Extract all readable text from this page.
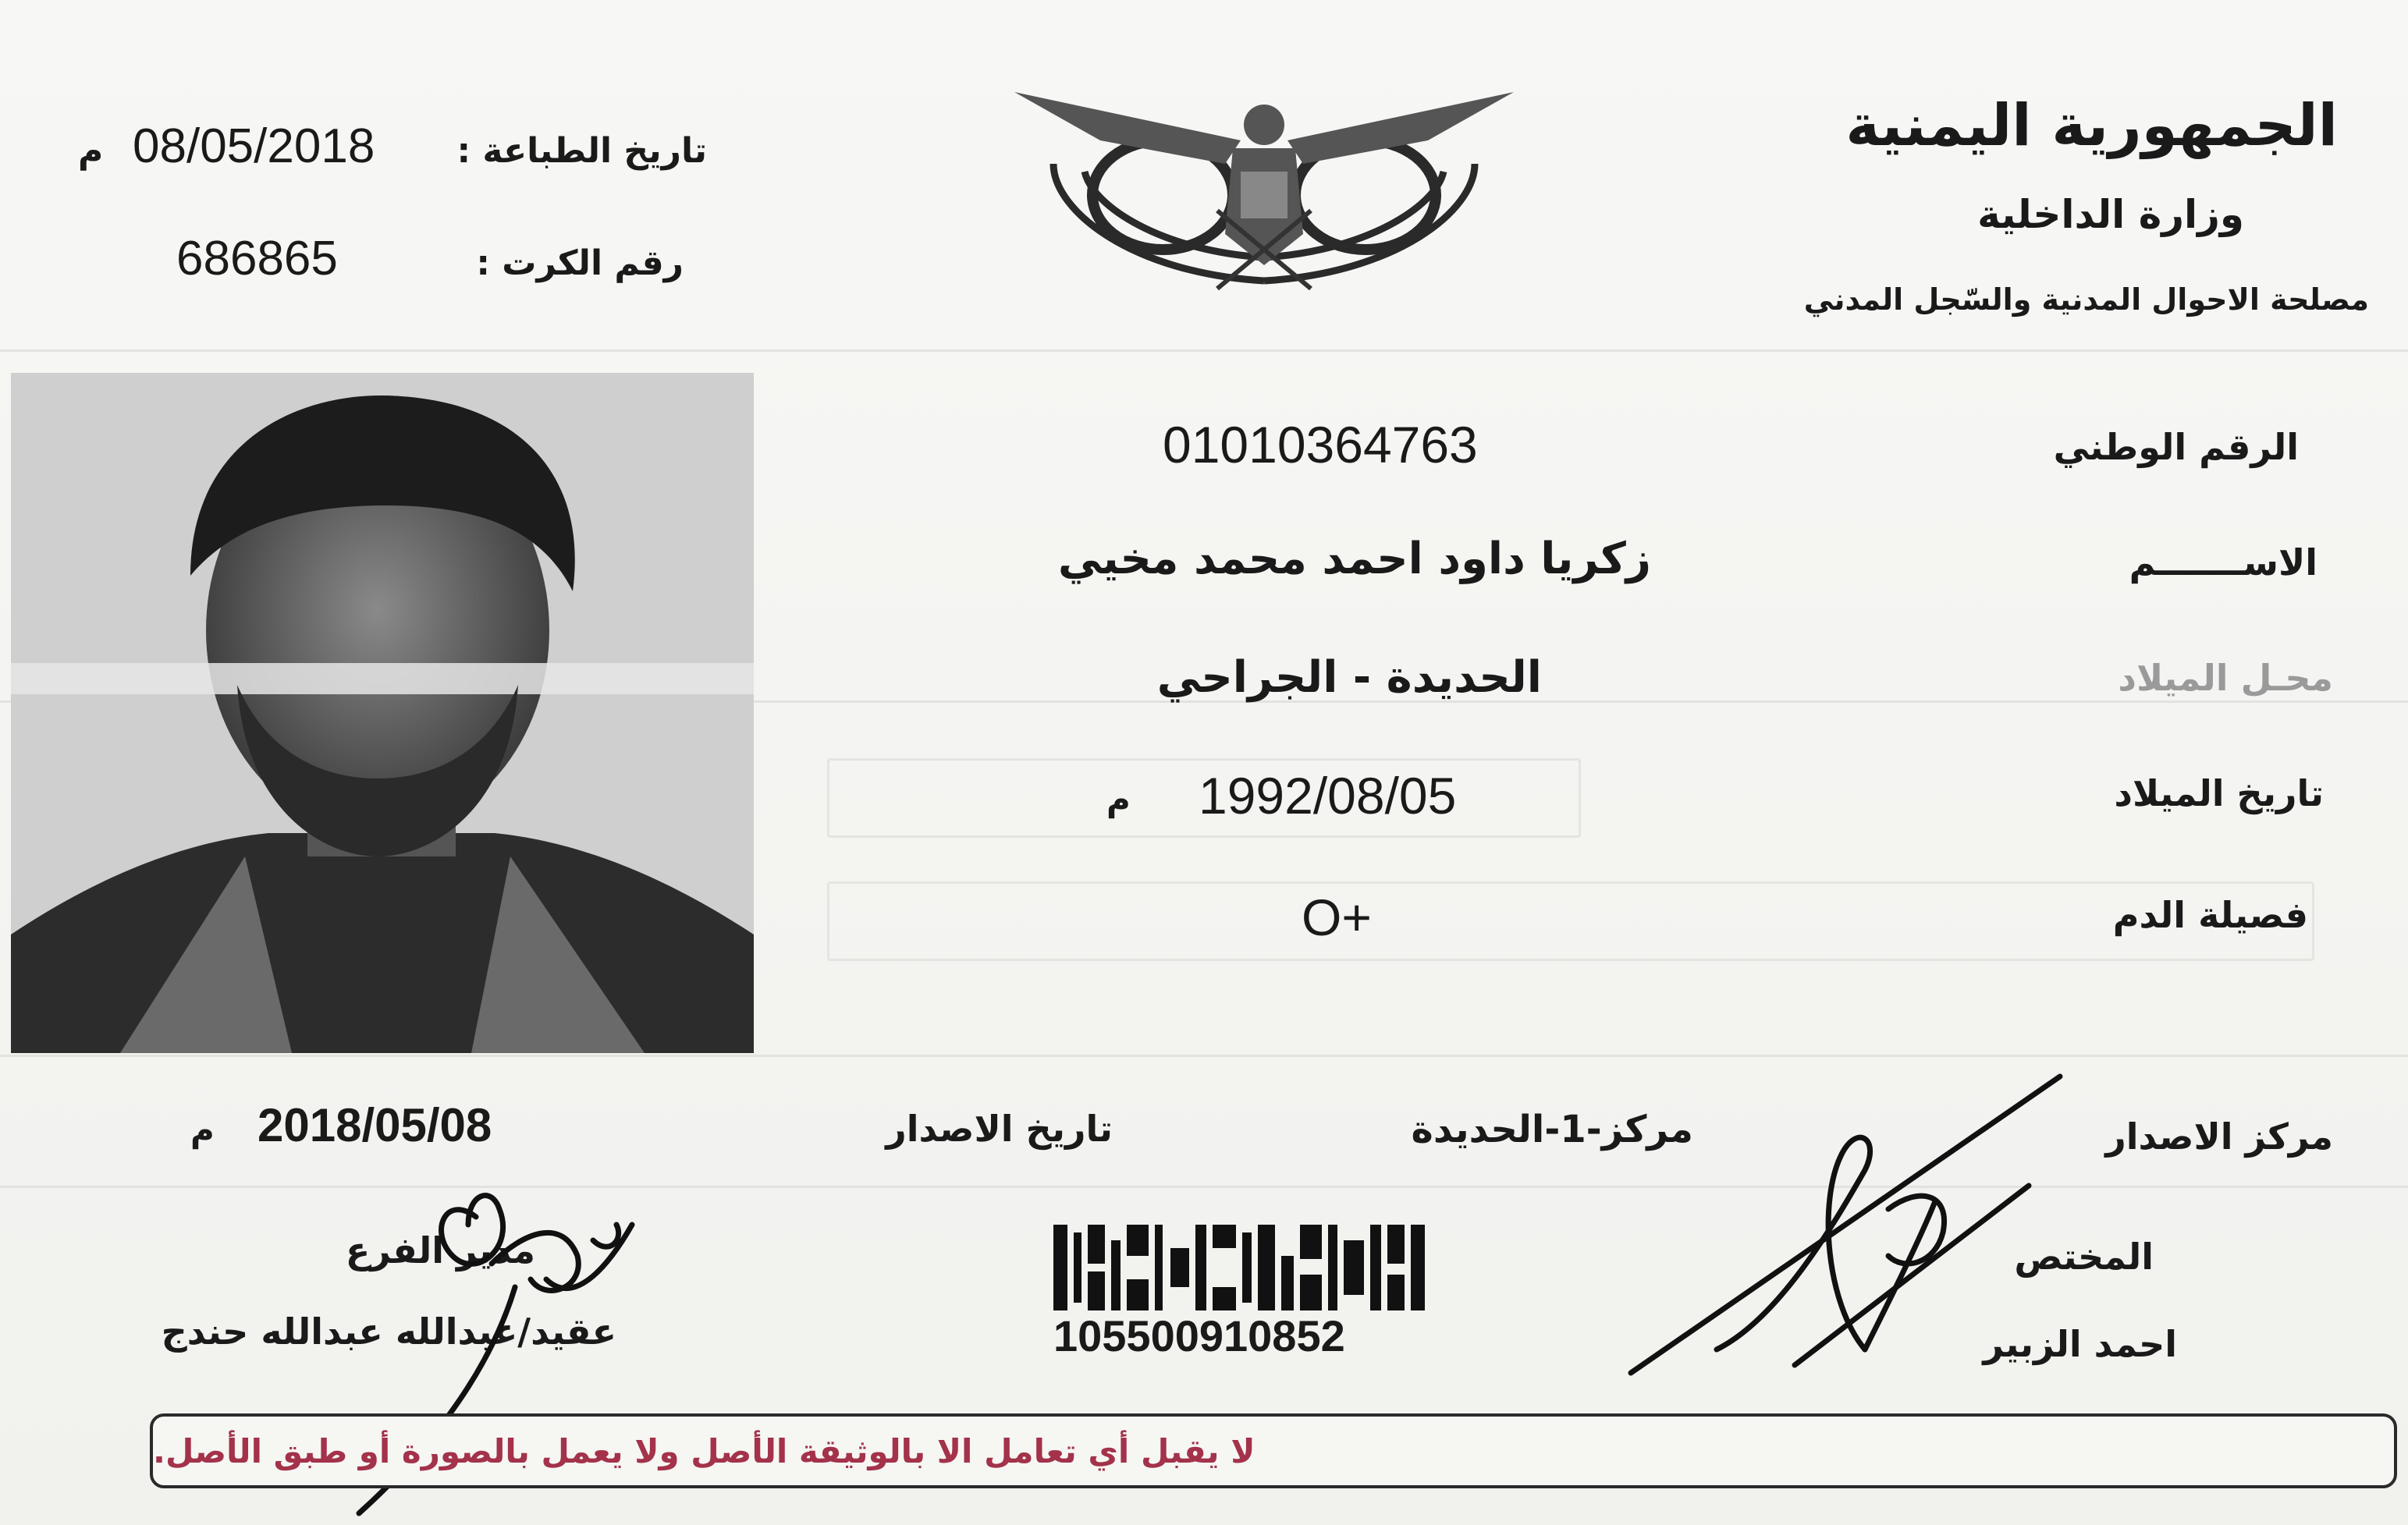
الجمهورية اليمنية
وزارة الداخلية
مصلحة الاحوال المدنية والسّجل المدني
تاريخ الطباعة :
08/05/2018
م
رقم الكرت :
686865
الرقم الوطني
01010364763
الاســـــــم
زكريا داود احمد محمد مخيي
محـل الميلاد
الحديدة - الجراحي
تاريخ الميلاد
1992/08/05
م
فصيلة الدم
O+
مركز الاصدار
مركز-1-الحديدة
تاريخ الاصدار
2018/05/08
م
المختص
احمد الزبير
مدير الفرع
عقيد/عبدالله عبدالله حندج	105500910852
لا يقبل أي تعامل الا بالوثيقة الأصل ولا يعمل بالصورة أو طبق الأصل.
